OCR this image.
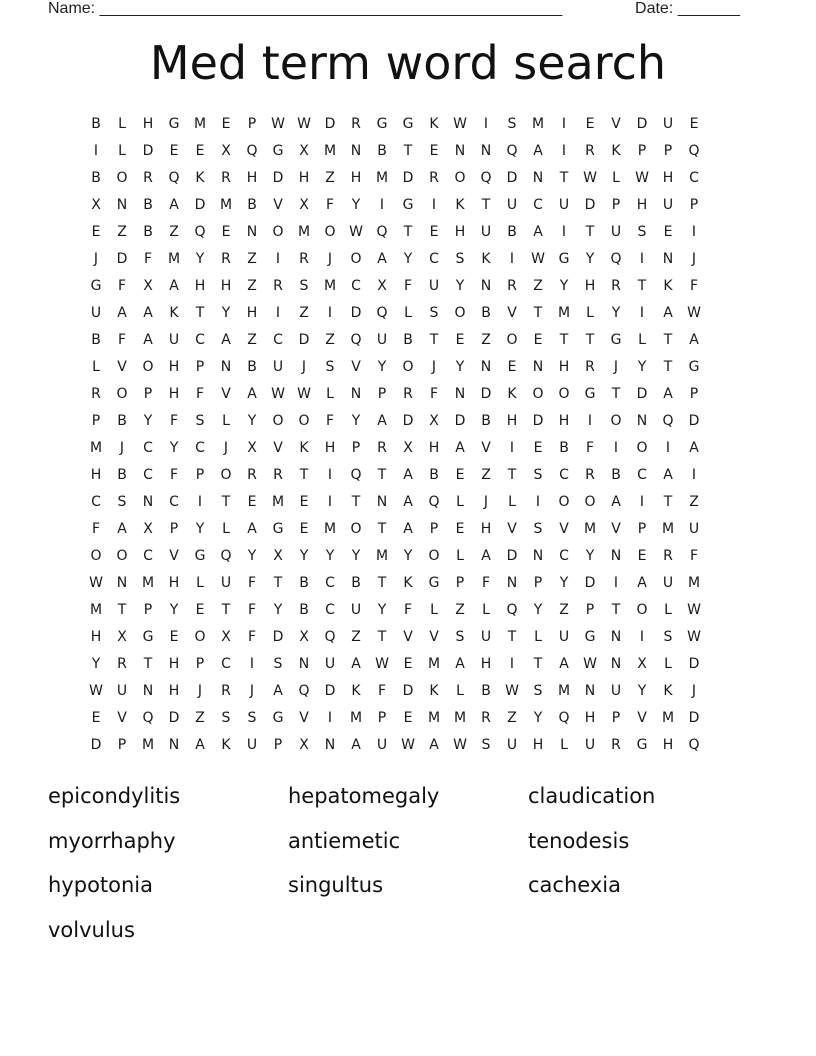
Name: ____________________________________________________	Date: _______
Med term word search
B	L	H	G	M	E	P	W W D	R	G	G	K	W	I	S	M	I	E	V	D	U	E
I	L	D	E	E	X	Q	G	X	M	N	B	T	E	N	N	Q	A	I	R	K	P	P	Q
B	O	R	Q	K	R	H	D	H	Z	H	M	D	R	O	Q	D	N	T	W	L	W H	C
X	N	B	A	D	M	B	V	X	F	Y	I	G	I	K	T	U	C	U	D	P	H	U	P
E	Z	B	Z	Q	E	N	O	M	O W Q	T	E	H	U	B	A	I	T	U	S	E	I
J	D	F	M	Y	R	Z	I	R	J	O	A	Y	C	S	K	I	W G	Y	Q	I	N	J
G	F	X	A	H	H	Z	R	S	M	C	X	F	U	Y	N	R	Z	Y	H	R	T	K	F
U	A	A	K	T	Y	H	I	Z	I	D	Q	L	S	O	B	V	T	M	L	Y	I	A	W
B	F	A	U	C	A	Z	C	D	Z	Q	U	B	T	E	Z	O	E	T	T	G	L	T	A
L	V	O	H	P	N	B	U	J	S	V	Y	O	J	Y	N	E	N	H	R	J	Y	T	G
R	O	P	H	F	V	A	W W	L	N	P	R	F	N	D	K	O	O	G	T	D	A	P
P	B	Y	F	S	L	Y	O	O	F	Y	A	D	X	D	B	H	D	H	I	O	N	Q	D
M	J	C	Y	C	J	X	V	K	H	P	R	X	H	A	V	I	E	B	F	I	O	I	A
H	B	C	F	P	O	R	R	T	I	Q	T	A	B	E	Z	T	S	C	R	B	C	A	I
C	S	N	C	I	T	E	M	E	I	T	N	A	Q	L	J	L	I	O	O	A	I	T	Z
F	A	X	P	Y	L	A	G	E	M	O	T	A	P	E	H	V	S	V	M	V	P	M	U
O	O	C	V	G	Q	Y	X	Y	Y	Y	M	Y	O	L	A	D	N	C	Y	N	E	R	F
W N	M	H	L	U	F	T	B	C	B	T	K	G	P	F	N	P	Y	D	I	A	U	M
M	T	P	Y	E	T	F	Y	B	C	U	Y	F	L	Z	L	Q	Y	Z	P	T	O	L	W
H	X	G	E	O	X	F	D	X	Q	Z	T	V	V	S	U	T	L	U	G	N	I	S	W
Y	R	T	H	P	C	I	S	N	U	A	W	E	M	A	H	I	T	A	W N	X	L	D
W U	N	H	J	R	J	A	Q	D	K	F	D	K	L	B	W	S	M	N	U	Y	K	J
E	V	Q	D	Z	S	S	G	V	I	M	P	E	M M	R	Z	Y	Q	H	P	V	M	D
D	P	M	N	A	K	U	P	X	N	A	U W	A	W	S	U	H	L	U	R	G	H	Q
epicondylitis	hepatomegaly	claudication
myorrhaphy	antiemetic	tenodesis
hypotonia	singultus	cachexia
volvulus
